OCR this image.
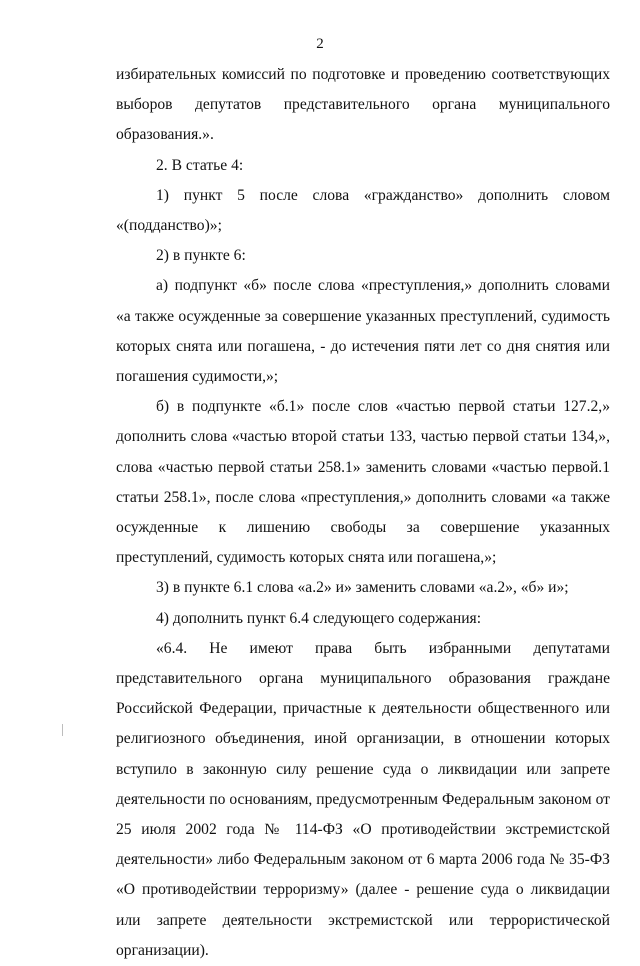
2

избирательных комиссий по подготовке и проведению соответствующих выборов депутатов представительного органа муниципального образования.».

2. В статье 4:

1) пункт 5 после слова «гражданство» дополнить словом «(подданство)»;

2) в пункте 6:

а) подпункт «б» после слова «преступления,» дополнить словами «а также осужденные за совершение указанных преступлений, судимость которых снята или погашена, - до истечения пяти лет со дня снятия или погашения судимости,»;

б) в подпункте «б.1» после слов «частью первой статьи 127.2,» дополнить слова «частью второй статьи 133, частью первой статьи 134,», слова «частью первой статьи 258.1» заменить словами «частью первой.1 статьи 258.1», после слова «преступления,» дополнить словами «а также осужденные к лишению свободы за совершение указанных преступлений, судимость которых снята или погашена,»;

3) в пункте 6.1 слова «а.2» и» заменить словами «а.2», «б» и»;

4) дополнить пункт 6.4 следующего содержания:

«6.4. Не имеют права быть избранными депутатами представительного органа муниципального образования граждане Российской Федерации, причастные к деятельности общественного или религиозного объединения, иной организации, в отношении которых вступило в законную силу решение суда о ликвидации или запрете деятельности по основаниям, предусмотренным Федеральным законом от 25 июля 2002 года № 114-ФЗ «О противодействии экстремистской деятельности» либо Федеральным законом от 6 марта 2006 года № 35-ФЗ «О противодействии терроризму» (далее - решение суда о ликвидации или запрете деятельности экстремистской или террористической организации).
